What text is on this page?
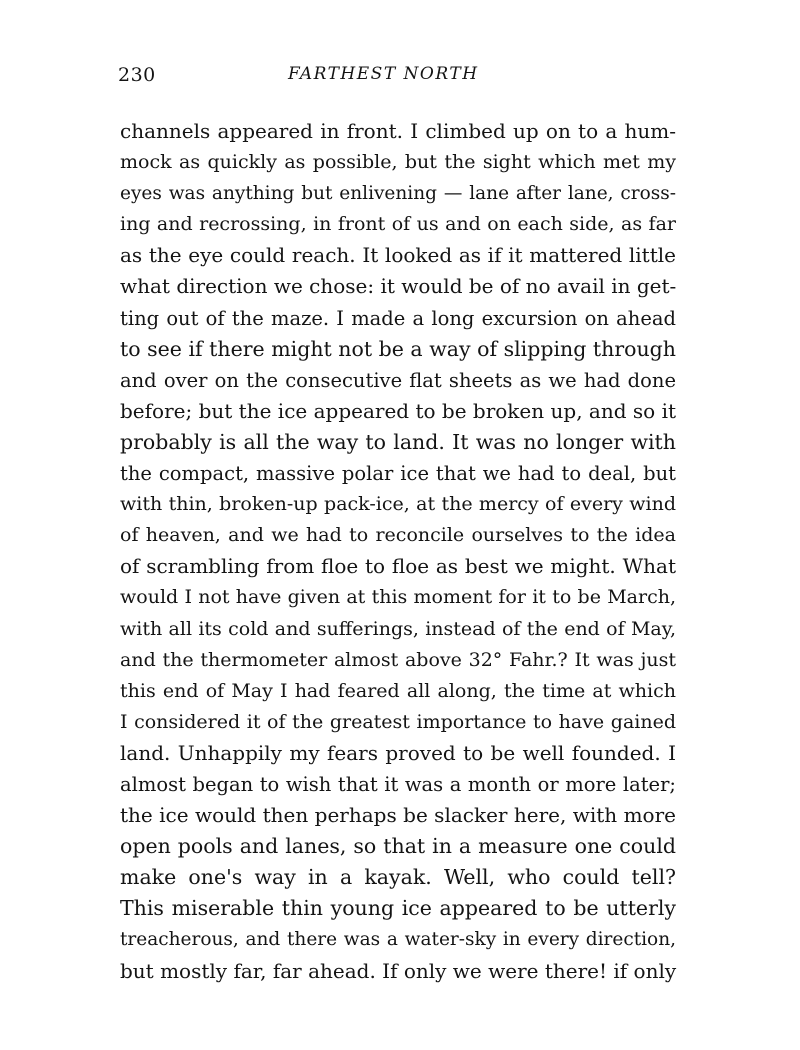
230	FARTHEST NORTH
channels appeared in front. I climbed up on to a hum-
mock as quickly as possible, but the sight which met my
eyes was anything but enlivening — lane after lane, cross-
ing and recrossing, in front of us and on each side, as far
as the eye could reach. It looked as if it mattered little
what direction we chose: it would be of no avail in get-
ting out of the maze. I made a long excursion on ahead
to see if there might not be a way of slipping through
and over on the consecutive flat sheets as we had done
before; but the ice appeared to be broken up, and so it
probably is all the way to land. It was no longer with
the compact, massive polar ice that we had to deal, but
with thin, broken-up pack-ice, at the mercy of every wind
of heaven, and we had to reconcile ourselves to the idea
of scrambling from floe to floe as best we might. What
would I not have given at this moment for it to be March,
with all its cold and sufferings, instead of the end of May,
and the thermometer almost above 32° Fahr.? It was just
this end of May I had feared all along, the time at which
I considered it of the greatest importance to have gained
land. Unhappily my fears proved to be well founded. I
almost began to wish that it was a month or more later;
the ice would then perhaps be slacker here, with more
open pools and lanes, so that in a measure one could
make one's way in a kayak. Well, who could tell?
This miserable thin young ice appeared to be utterly
treacherous, and there was a water-sky in every direction,
but mostly far, far ahead. If only we were there! if only
